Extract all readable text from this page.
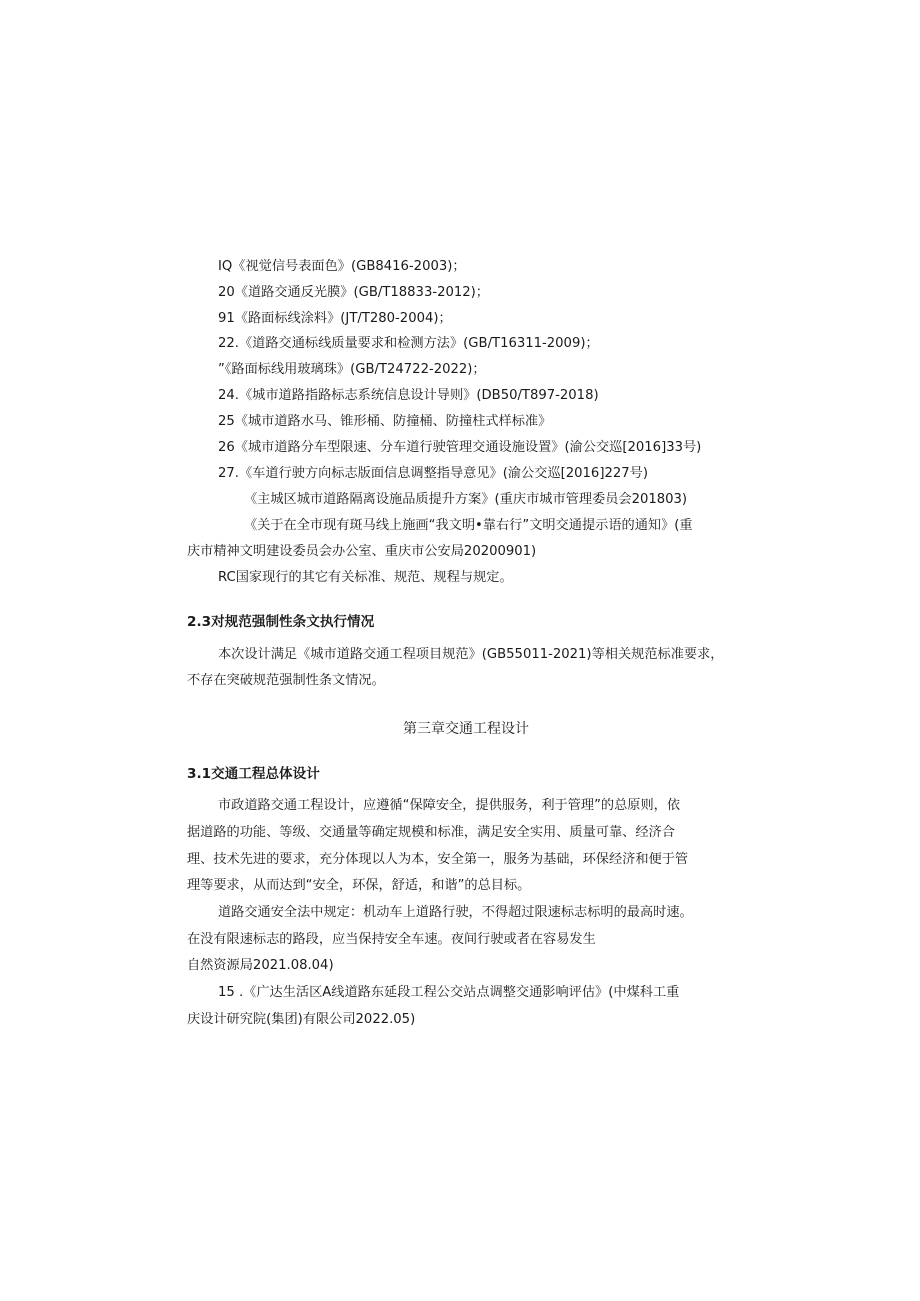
IQ《视觉信号表面色》(GB8416-2003)；
20《道路交通反光膜》(GB/T18833-2012)；
91《路面标线涂料》(JT/T280-2004)；
22.《道路交通标线质量要求和检测方法》(GB/T16311-2009)；
”《路面标线用玻璃珠》(GB/T24722-2022)；
24.《城市道路指路标志系统信息设计导则》(DB50/T897-2018)
25《城市道路水马、锥形桶、防撞桶、防撞柱式样标准》
26《城市道路分车型限速、分车道行驶管理交通设施设置》(渝公交巡[2016]33号)
27.《车道行驶方向标志版面信息调整指导意见》(渝公交巡[2016]227号)
《主城区城市道路隔离设施品质提升方案》(重庆市城市管理委员会201803)
《关于在全市现有斑马线上施画“我文明•靠右行”文明交通提示语的通知》(重
庆市精神文明建设委员会办公室、重庆市公安局20200901)
RC国家现行的其它有关标准、规范、规程与规定。
2.3对规范强制性条文执行情况
本次设计满足《城市道路交通工程项目规范》(GB55011-2021)等相关规范标准要求，
不存在突破规范强制性条文情况。
第三章交通工程设计
3.1交通工程总体设计
市政道路交通工程设计，应遵循“保障安全，提供服务，利于管理”的总原则，依
据道路的功能、等级、交通量等确定规模和标准，满足安全实用、质量可靠、经济合
理、技术先进的要求，充分体现以人为本，安全第一，服务为基础，环保经济和便于管
理等要求，从而达到“安全，环保，舒适，和谐”的总目标。
道路交通安全法中规定：机动车上道路行驶，不得超过限速标志标明的最高时速。
在没有限速标志的路段，应当保持安全车速。夜间行驶或者在容易发生
自然资源局2021.08.04)
15 .《广达生活区A线道路东延段工程公交站点调整交通影响评估》(中煤科工重
庆设计研究院(集团)有限公司2022.05)
